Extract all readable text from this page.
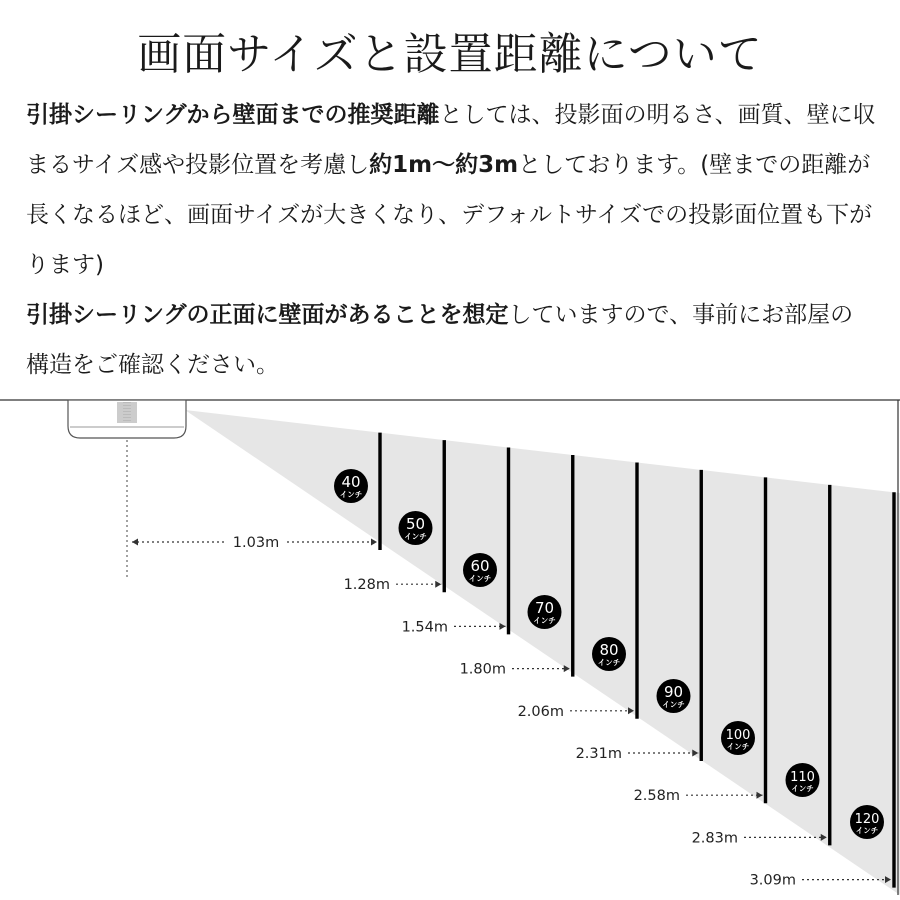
画面サイズと設置距離について
引掛シーリングから壁面までの推奨距離としては、投影面の明るさ、画質、壁に収まるサイズ感や投影位置を考慮し約1m〜約3mとしております。(壁までの距離が長くなるほど、画面サイズが大きくなり、デフォルトサイズでの投影面位置も下がります)
引掛シーリングの正面に壁面があることを想定していますので、事前にお部屋の構造をご確認ください。
1.03m
40
インチ
1.28m
50
インチ
1.54m
60
インチ
1.80m
70
インチ
2.06m
80
インチ
2.31m
90
インチ
2.58m
100
インチ
2.83m
110
インチ
3.09m
120
インチ
